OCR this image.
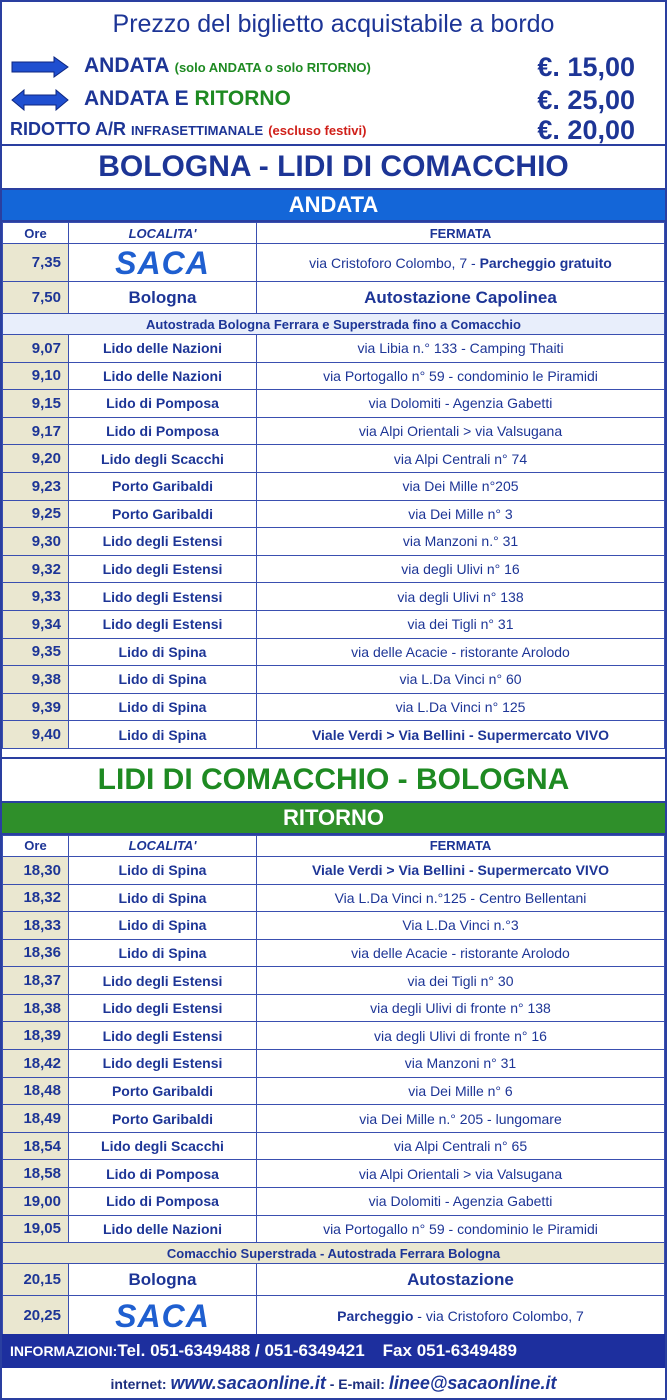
Prezzo del biglietto acquistabile a bordo
ANDATA (solo ANDATA o solo RITORNO)	€. 15,00
ANDATA E RITORNO	€. 25,00
RIDOTTO A/R INFRASETTIMANALE (escluso festivi)	€. 20,00
BOLOGNA - LIDI DI COMACCHIO
ANDATA
Ore	LOCALITA'	FERMATA
7,35	SACA	via Cristoforo Colombo, 7 - Parcheggio gratuito
7,50	Bologna	Autostazione Capolinea
Autostrada Bologna Ferrara e Superstrada fino a Comacchio		
9,07	Lido delle Nazioni	via Libia n.° 133 - Camping Thaiti
9,10	Lido delle Nazioni	via Portogallo n° 59 - condominio le Piramidi
9,15	Lido di Pomposa	via Dolomiti - Agenzia Gabetti
9,17	Lido di Pomposa	via Alpi Orientali > via Valsugana
9,20	Lido degli Scacchi	via Alpi Centrali n° 74
9,23	Porto Garibaldi	via Dei Mille n°205
9,25	Porto Garibaldi	via Dei Mille n° 3
9,30	Lido degli Estensi	via Manzoni n.° 31
9,32	Lido degli Estensi	via degli Ulivi n° 16
9,33	Lido degli Estensi	via degli Ulivi n° 138
9,34	Lido degli Estensi	via dei Tigli n° 31
9,35	Lido di Spina	via delle Acacie - ristorante Arolodo
9,38	Lido di Spina	via L.Da Vinci n° 60
9,39	Lido di Spina	via L.Da Vinci n° 125
9,40	Lido di Spina	Viale Verdi > Via Bellini - Supermercato VIVO
LIDI DI COMACCHIO - BOLOGNA
RITORNO
Ore	LOCALITA'	FERMATA
18,30	Lido di Spina	Viale Verdi > Via Bellini - Supermercato VIVO
18,32	Lido di Spina	Via L.Da Vinci n.°125 - Centro Bellentani
18,33	Lido di Spina	Via L.Da Vinci n.°3
18,36	Lido di Spina	via delle Acacie - ristorante Arolodo
18,37	Lido degli Estensi	via dei Tigli n° 30
18,38	Lido degli Estensi	via degli Ulivi di fronte n° 138
18,39	Lido degli Estensi	via degli Ulivi di fronte n° 16
18,42	Lido degli Estensi	via Manzoni n° 31
18,48	Porto Garibaldi	via Dei Mille n° 6
18,49	Porto Garibaldi	via Dei Mille n.° 205 - lungomare
18,54	Lido degli Scacchi	via Alpi Centrali n° 65
18,58	Lido di Pomposa	via Alpi Orientali > via Valsugana
19,00	Lido di Pomposa	via Dolomiti - Agenzia Gabetti
19,05	Lido delle Nazioni	via Portogallo n° 59 - condominio le Piramidi
Comacchio Superstrada - Autostrada Ferrara Bologna		
20,15	Bologna	Autostazione
20,25	SACA	Parcheggio - via Cristoforo Colombo, 7
INFORMAZIONI:Tel. 051-6349488 / 051-6349421 Fax 051-6349489
internet: www.sacaonline.it - E-mail: linee@sacaonline.it
